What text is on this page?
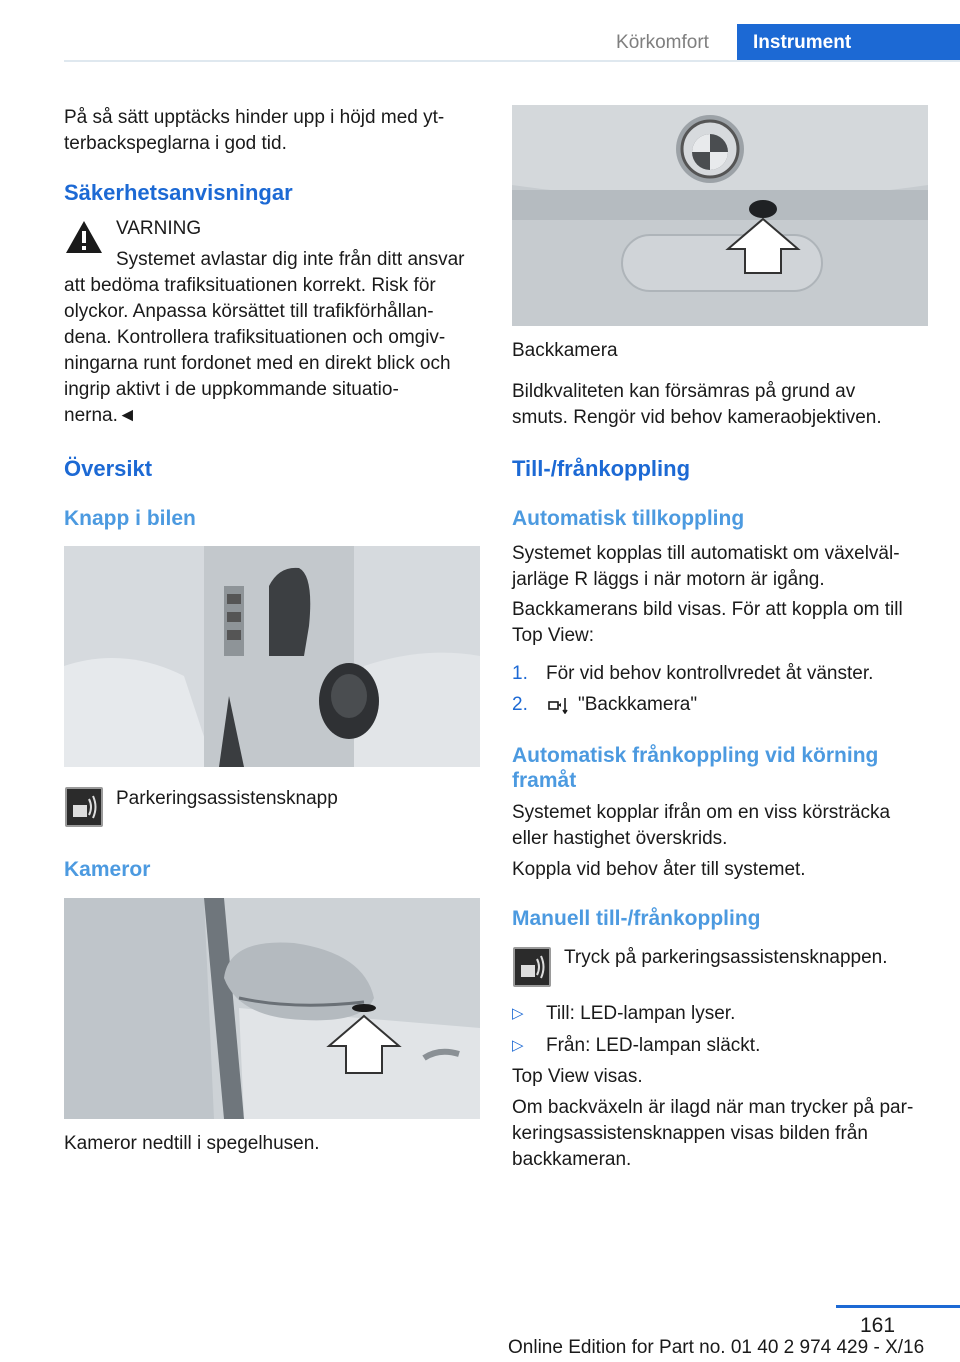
Körkomfort	Instrument

På så sätt upptäcks hinder upp i höjd med yt-

terbackspeglarna i god tid.

Säkerhetsanvisningar

VARNING

Systemet avlastar dig inte från ditt ansvar

att bedöma trafiksituationen korrekt. Risk för

olyckor. Anpassa körsättet till trafikförhållan-

dena. Kontrollera trafiksituationen och omgiv-

ningarna runt fordonet med en direkt blick och

ingrip aktivt i de uppkommande situatio-

nerna.◄

Översikt
Knapp i bilen

Parkeringsassistensknapp

Kameror

Kameror nedtill i spegelhusen.

Backkamera

Bildkvaliteten kan försämras på grund av

smuts. Rengör vid behov kameraobjektiven.

Till-/frånkoppling
Automatisk tillkoppling

Systemet kopplas till automatiskt om växelväl-

jarläge R läggs i när motorn är igång.

Backkamerans bild visas. För att koppla om till

Top View:

1. För vid behov kontrollvredet åt vänster.
2.	"Backkamera"
Automatisk frånkoppling vid körning
framåt

Systemet kopplar ifrån om en viss körsträcka

eller hastighet överskrids.

Koppla vid behov åter till systemet.

Manuell till-/frånkoppling

Tryck på parkeringsassistensknappen.

▷ Till: LED-lampan lyser.
▷ Från: LED-lampan släckt.

Top View visas.

Om backväxeln är ilagd när man trycker på par-

keringsassistensknappen visas bilden från

backkameran.

161
Online Edition for Part no. 01 40 2 974 429 - X/16
